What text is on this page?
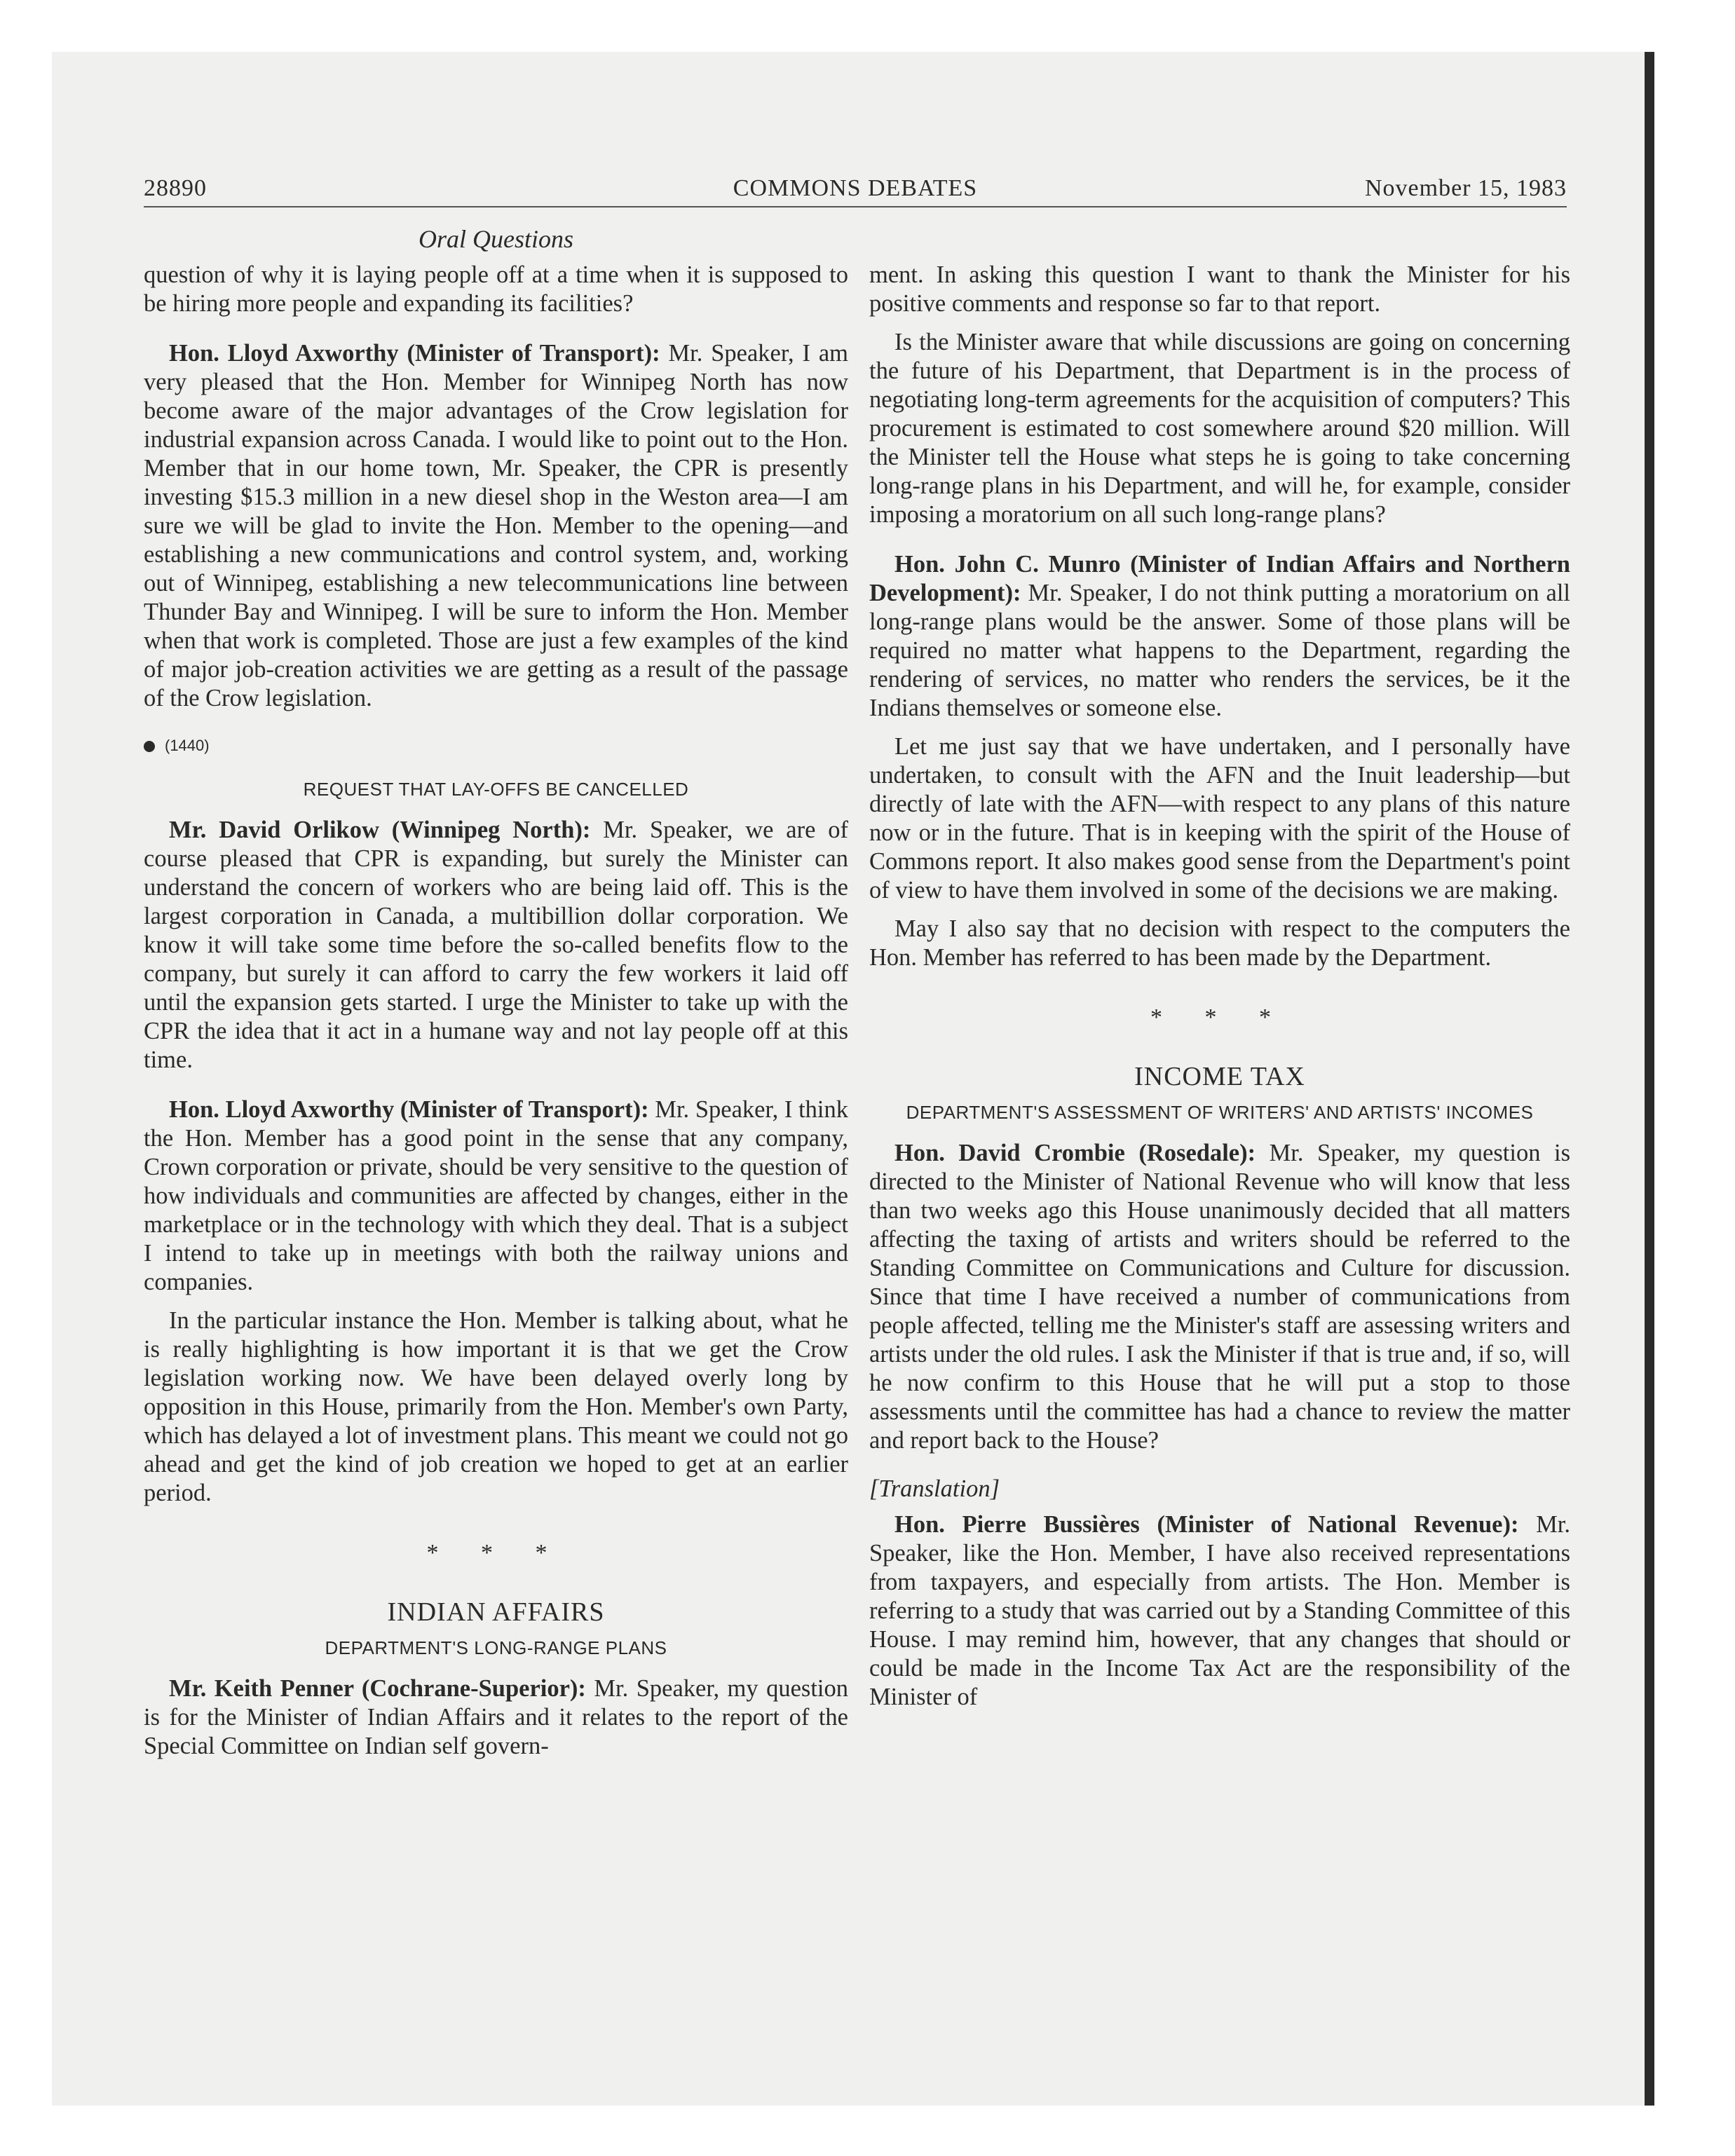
28890	COMMONS DEBATES	November 15, 1983
Oral Questions

question of why it is laying people off at a time when it is supposed to be hiring more people and expanding its facilities?

Hon. Lloyd Axworthy (Minister of Transport): Mr. Speaker, I am very pleased that the Hon. Member for Winnipeg North has now become aware of the major advantages of the Crow legislation for industrial expansion across Canada. I would like to point out to the Hon. Member that in our home town, Mr. Speaker, the CPR is presently investing $15.3 million in a new diesel shop in the Weston area—I am sure we will be glad to invite the Hon. Member to the opening—and establishing a new communications and control system, and, working out of Winnipeg, establishing a new telecommunications line between Thunder Bay and Winnipeg. I will be sure to inform the Hon. Member when that work is completed. Those are just a few examples of the kind of major job-creation activities we are getting as a result of the passage of the Crow legislation.

(1440)
REQUEST THAT LAY-OFFS BE CANCELLED

Mr. David Orlikow (Winnipeg North): Mr. Speaker, we are of course pleased that CPR is expanding, but surely the Minister can understand the concern of workers who are being laid off. This is the largest corporation in Canada, a multibillion dollar corporation. We know it will take some time before the so-called benefits flow to the company, but surely it can afford to carry the few workers it laid off until the expansion gets started. I urge the Minister to take up with the CPR the idea that it act in a humane way and not lay people off at this time.

Hon. Lloyd Axworthy (Minister of Transport): Mr. Speaker, I think the Hon. Member has a good point in the sense that any company, Crown corporation or private, should be very sensitive to the question of how individuals and communities are affected by changes, either in the marketplace or in the technology with which they deal. That is a subject I intend to take up in meetings with both the railway unions and companies.

In the particular instance the Hon. Member is talking about, what he is really highlighting is how important it is that we get the Crow legislation working now. We have been delayed overly long by opposition in this House, primarily from the Hon. Member's own Party, which has delayed a lot of investment plans. This meant we could not go ahead and get the kind of job creation we hoped to get at an earlier period.

* * *
INDIAN AFFAIRS
DEPARTMENT'S LONG-RANGE PLANS

Mr. Keith Penner (Cochrane-Superior): Mr. Speaker, my question is for the Minister of Indian Affairs and it relates to the report of the Special Committee on Indian self govern-

ment. In asking this question I want to thank the Minister for his positive comments and response so far to that report.

Is the Minister aware that while discussions are going on concerning the future of his Department, that Department is in the process of negotiating long-term agreements for the acquisition of computers? This procurement is estimated to cost somewhere around $20 million. Will the Minister tell the House what steps he is going to take concerning long-range plans in his Department, and will he, for example, consider imposing a moratorium on all such long-range plans?

Hon. John C. Munro (Minister of Indian Affairs and Northern Development): Mr. Speaker, I do not think putting a moratorium on all long-range plans would be the answer. Some of those plans will be required no matter what happens to the Department, regarding the rendering of services, no matter who renders the services, be it the Indians themselves or someone else.

Let me just say that we have undertaken, and I personally have undertaken, to consult with the AFN and the Inuit leadership—but directly of late with the AFN—with respect to any plans of this nature now or in the future. That is in keeping with the spirit of the House of Commons report. It also makes good sense from the Department's point of view to have them involved in some of the decisions we are making.

May I also say that no decision with respect to the computers the Hon. Member has referred to has been made by the Department.

* * *
INCOME TAX
DEPARTMENT'S ASSESSMENT OF WRITERS' AND ARTISTS' INCOMES

Hon. David Crombie (Rosedale): Mr. Speaker, my question is directed to the Minister of National Revenue who will know that less than two weeks ago this House unanimously decided that all matters affecting the taxing of artists and writers should be referred to the Standing Committee on Communications and Culture for discussion. Since that time I have received a number of communications from people affected, telling me the Minister's staff are assessing writers and artists under the old rules. I ask the Minister if that is true and, if so, will he now confirm to this House that he will put a stop to those assessments until the committee has had a chance to review the matter and report back to the House?

[Translation]

Hon. Pierre Bussières (Minister of National Revenue): Mr. Speaker, like the Hon. Member, I have also received representations from taxpayers, and especially from artists. The Hon. Member is referring to a study that was carried out by a Standing Committee of this House. I may remind him, however, that any changes that should or could be made in the Income Tax Act are the responsibility of the Minister of
